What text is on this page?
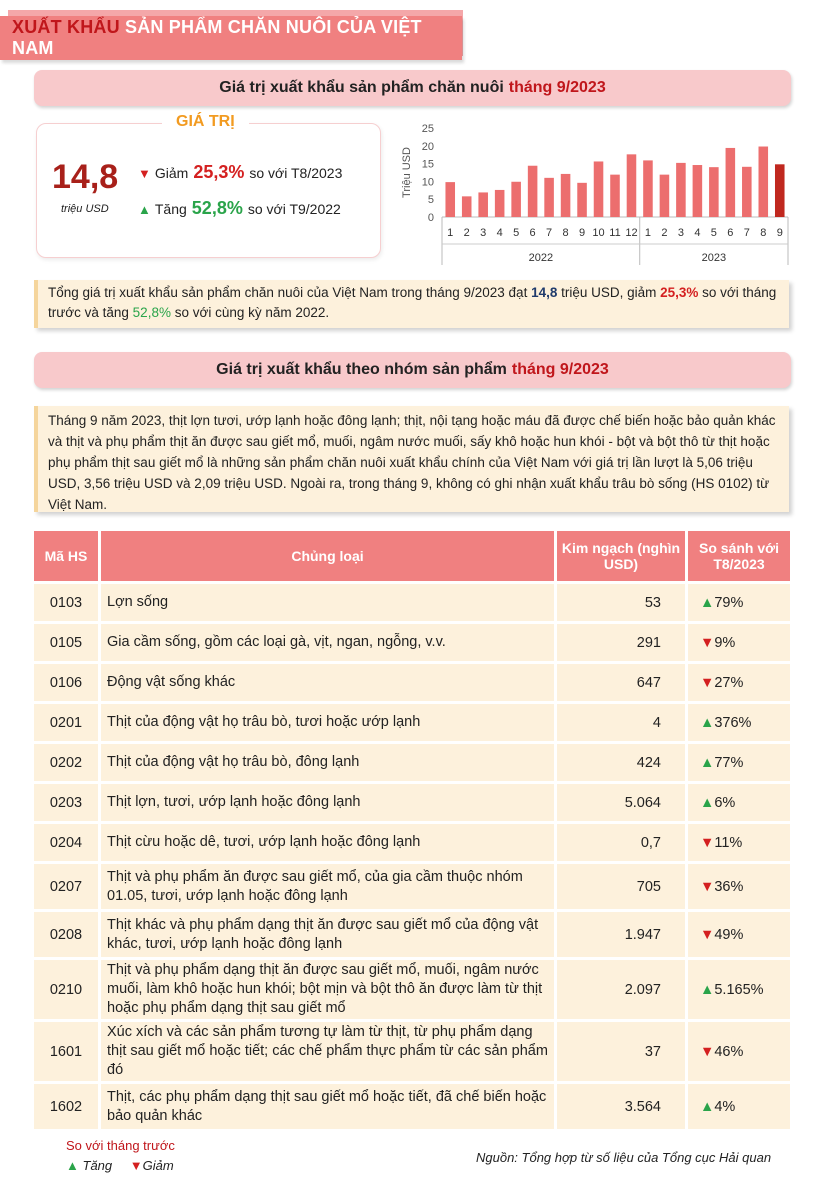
XUẤT KHẨU SẢN PHẨM CHĂN NUÔI CỦA VIỆT NAM
Giá trị xuất khẩu sản phẩm chăn nuôi tháng 9/2023
GIÁ TRỊ
14,8
triệu USD
▼ Giảm 25,3% so với T8/2023
▲ Tăng 52,8% so với T9/2022
Triệu USD
0
5
10
15
20
25
1 2 3 4 5 6 7 8 9 10 11 12 1 2 3 4 5 6 7 8 9
2022	2023
Tổng giá trị xuất khẩu sản phẩm chăn nuôi của Việt Nam trong tháng 9/2023 đạt 14,8 triệu USD, giảm 25,3% so với tháng trước và tăng 52,8% so với cùng kỳ năm 2022.
Giá trị xuất khẩu theo nhóm sản phẩm tháng 9/2023
Tháng 9 năm 2023, thịt lợn tươi, ướp lạnh hoặc đông lạnh; thịt, nội tạng hoặc máu đã được chế biến hoặc bảo quản khác và thịt và phụ phẩm thịt ăn được sau giết mổ, muối, ngâm nước muối, sấy khô hoặc hun khói - bột và bột thô từ thịt hoặc phụ phẩm thịt sau giết mổ là những sản phẩm chăn nuôi xuất khẩu chính của Việt Nam với giá trị lần lượt là 5,06 triệu USD, 3,56 triệu USD và 2,09 triệu USD. Ngoài ra, trong tháng 9, không có ghi nhận xuất khẩu trâu bò sống (HS 0102) từ Việt Nam.
Mã HS	Chủng loại	Kim ngạch (nghìn USD)	So sánh với T8/2023
0103	Lợn sống	53	▲79%
0105	Gia cầm sống, gồm các loại gà, vịt, ngan, ngỗng, v.v.	291	▼9%
0106	Động vật sống khác	647	▼27%
0201	Thịt của động vật họ trâu bò, tươi hoặc ướp lạnh	4	▲376%
0202	Thịt của động vật họ trâu bò, đông lạnh	424	▲77%
0203	Thịt lợn, tươi, ướp lạnh hoặc đông lạnh	5.064	▲6%
0204	Thịt cừu hoặc dê, tươi, ướp lạnh hoặc đông lạnh	0,7	▼11%
0207	Thịt và phụ phẩm ăn được sau giết mổ, của gia cầm thuộc nhóm 01.05, tươi, ướp lạnh hoặc đông lạnh	705	▼36%
0208	Thịt khác và phụ phẩm dạng thịt ăn được sau giết mổ của động vật khác, tươi, ướp lạnh hoặc đông lạnh	1.947	▼49%
0210	Thịt và phụ phẩm dạng thịt ăn được sau giết mổ, muối, ngâm nước muối, làm khô hoặc hun khói; bột mịn và bột thô ăn được làm từ thịt hoặc phụ phẩm dạng thịt sau giết mổ	2.097	▲5.165%
1601	Xúc xích và các sản phẩm tương tự làm từ thịt, từ phụ phẩm dạng thịt sau giết mổ hoặc tiết; các chế phẩm thực phẩm từ các sản phẩm đó	37	▼46%
1602	Thịt, các phụ phẩm dạng thịt sau giết mổ hoặc tiết, đã chế biến hoặc bảo quản khác	3.564	▲4%
So với tháng trước
▲ Tăng ▼Giảm
Nguồn: Tổng hợp từ số liệu của Tổng cục Hải quan
